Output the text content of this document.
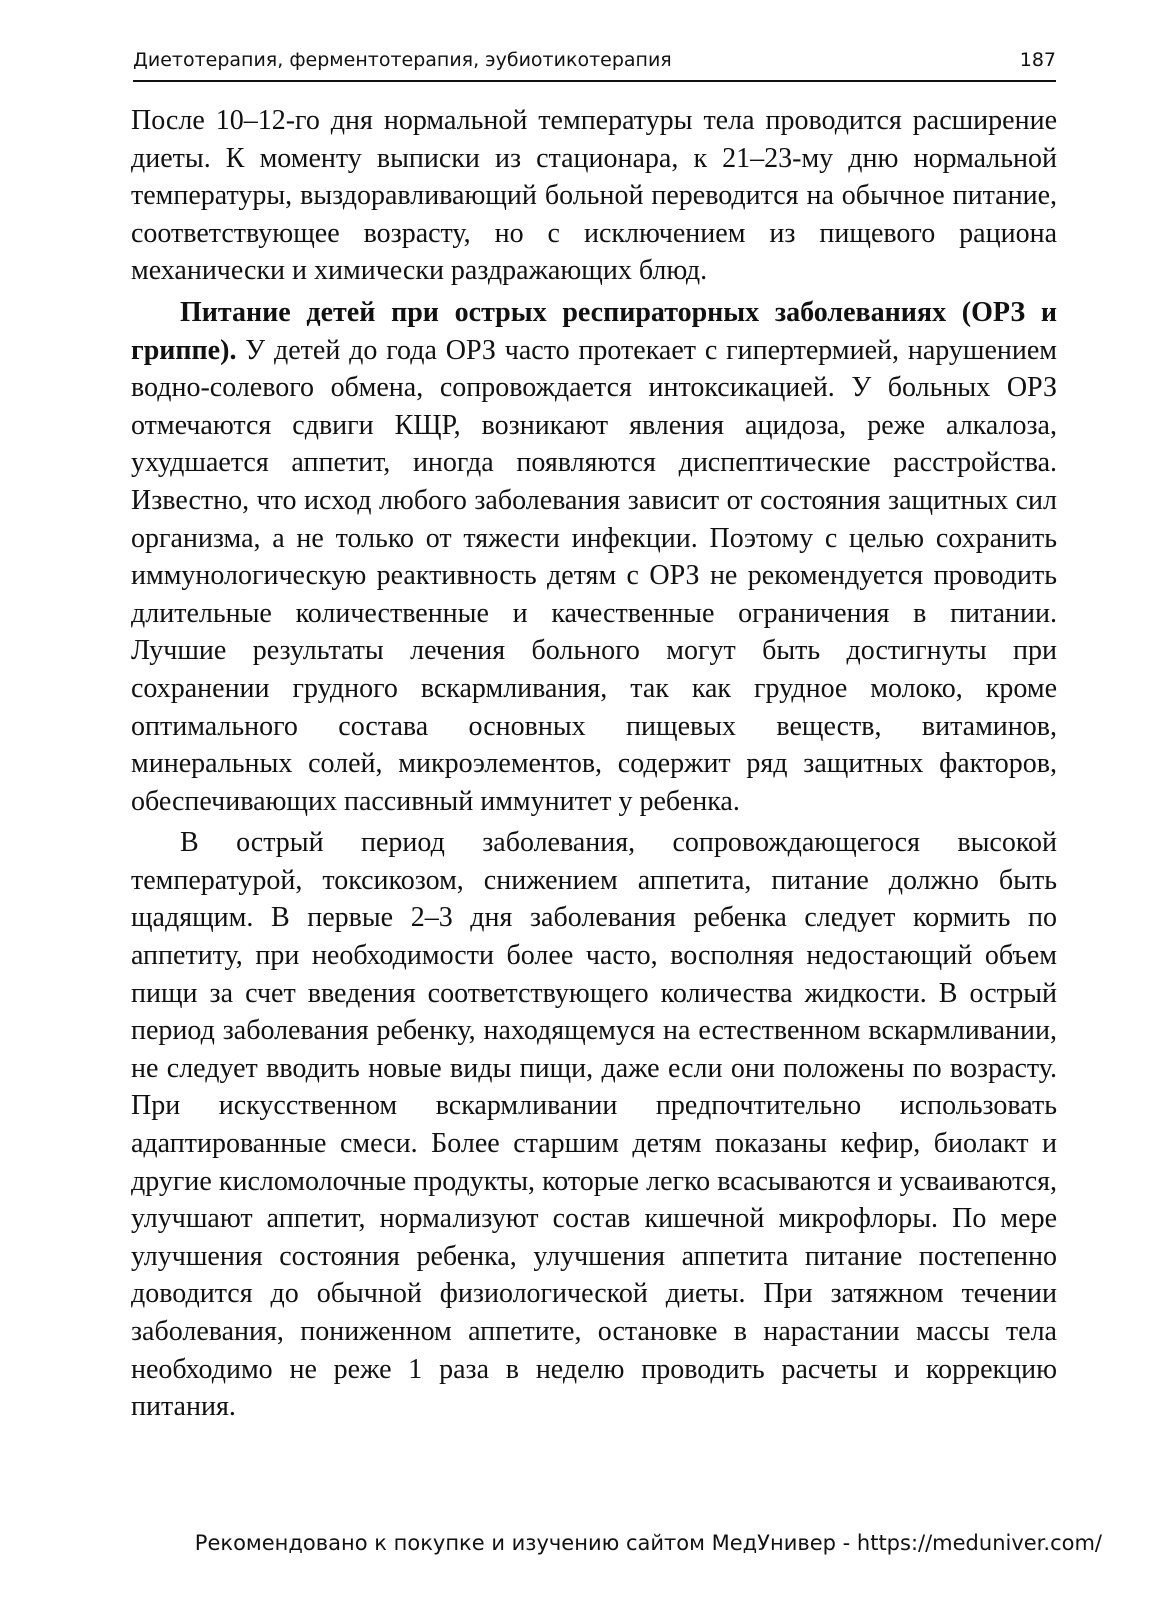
Диетотерапия, ферментотерапия, эубиотикотерапия	187

После 10–12-го дня нормальной температуры тела проводится расширение диеты. К моменту выписки из стационара, к 21–23-му дню нормальной температуры, выздоравливающий больной переводится на обычное питание, соответствующее возрасту, но с исключением из пищевого рациона механически и химически раздражающих блюд.

Питание детей при острых респираторных заболеваниях (ОРЗ и гриппе). У детей до года ОРЗ часто протекает с гипертермией, нарушением водно-солевого обмена, сопровождается интоксикацией. У больных ОРЗ отмечаются сдвиги КЩР, возникают явления ацидоза, реже алкалоза, ухудшается аппетит, иногда появляются диспептические расстройства. Известно, что исход любого заболевания зависит от состояния защитных сил организма, а не только от тяжести инфекции. Поэтому с целью сохранить иммунологическую реактивность детям с ОРЗ не рекомендуется проводить длительные количественные и качественные ограничения в питании. Лучшие результаты лечения больного могут быть достигнуты при сохранении грудного вскармливания, так как грудное молоко, кроме оптимального состава основных пищевых веществ, витаминов, минеральных солей, микроэлементов, содержит ряд защитных факторов, обеспечивающих пассивный иммунитет у ребенка.

В острый период заболевания, сопровождающегося высокой температурой, токсикозом, снижением аппетита, питание должно быть щадящим. В первые 2–3 дня заболевания ребенка следует кормить по аппетиту, при необходимости более часто, восполняя недостающий объем пищи за счет введения соответствующего количества жидкости. В острый период заболевания ребенку, находящемуся на естественном вскармливании, не следует вводить новые виды пищи, даже если они положены по возрасту. При искусственном вскармливании предпочтительно использовать адаптированные смеси. Более старшим детям показаны кефир, биолакт и другие кисломолочные продукты, которые легко всасываются и усваиваются, улучшают аппетит, нормализуют состав кишечной микрофлоры. По мере улучшения состояния ребенка, улучшения аппетита питание постепенно доводится до обычной физиологической диеты. При затяжном течении заболевания, пониженном аппетите, остановке в нарастании массы тела необходимо не реже 1 раза в неделю проводить расчеты и коррекцию питания.

Рекомендовано к покупке и изучению сайтом МедУнивер - https://meduniver.com/
